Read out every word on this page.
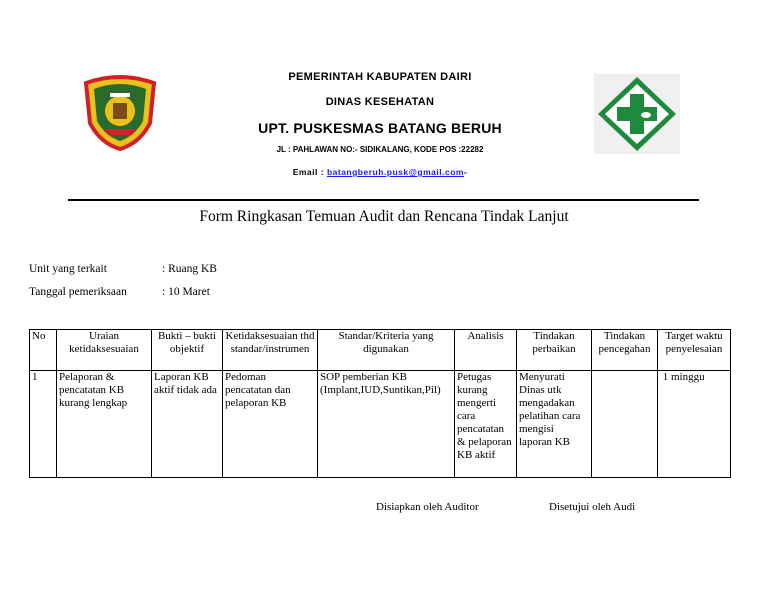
PEMERINTAH KABUPATEN DAIRI
DINAS KESEHATAN
UPT. PUSKESMAS BATANG BERUH
JL : PAHLAWAN NO:- SIDIKALANG, KODE POS :22282
Email : batangberuh.pusk@gmail.com-
Form Ringkasan Temuan Audit dan Rencana Tindak Lanjut
Unit yang terkait	: Ruang KB
Tanggal pemeriksaan	: 10 Maret
No	Uraian ketidaksesuaian	Bukti – bukti objektif	Ketidaksesuaian thd standar/instrumen	Standar/Kriteria yang digunakan	Analisis	Tindakan perbaikan	Tindakan pencegahan	Target waktu penyelesaian
1	Pelaporan & pencatatan KB kurang lengkap	Laporan KB aktif tidak ada	Pedoman pencatatan dan pelaporan KB	SOP pemberian KB (Implant,IUD,Suntikan,Pil)	Petugas kurang mengerti cara pencatatan & pelaporan KB aktif	Menyurati Dinas utk mengadakan pelatihan cara mengisi laporan KB		1 minggu
Disiapkan oleh Auditor	Disetujui oleh Audi
